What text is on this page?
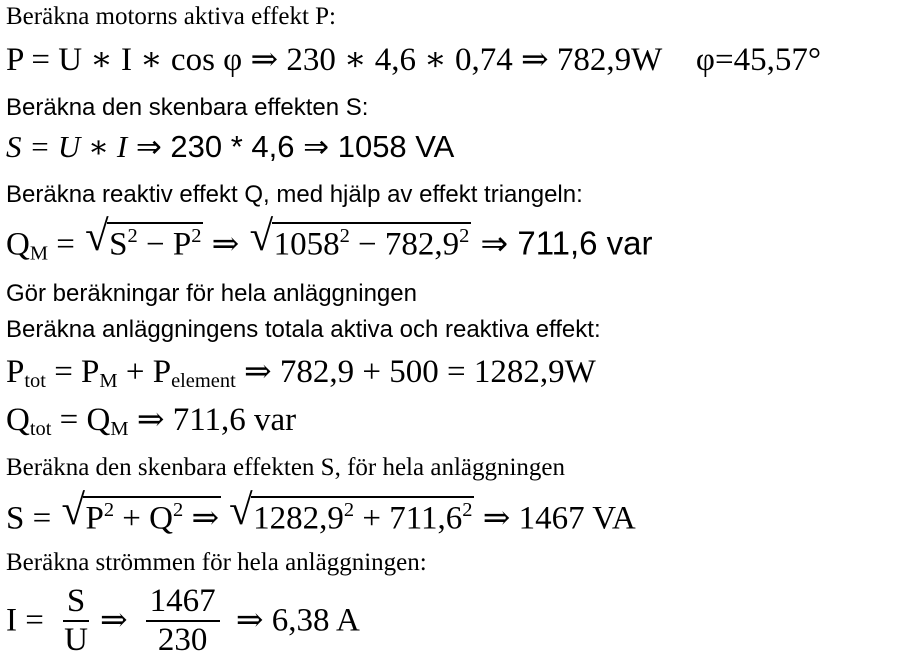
Beräkna motorns aktiva effekt P:
P = U ∗ I ∗ cos φ ⇒ 230 ∗ 4,6 ∗ 0,74 ⇒ 782,9W φ=45,57°
Beräkna den skenbara effekten S:
S = U ∗ I ⇒ 230 * 4,6 ⇒ 1058 VA
Beräkna reaktiv effekt Q, med hjälp av effekt triangeln:
$Q_M$ = √ $S^2 - P^2$ ⇒ √ $1058^2 - 782,9^2$ ⇒ 711,6 var
Gör beräkningar för hela anläggningen
Beräkna anläggningens totala aktiva och reaktiva effekt:
$P_{tot} = P_M + P_{element}$ ⇒ 782,9 + 500 = 1282,9W
$Q_{tot} = Q_M$ ⇒ 711,6 var
Beräkna den skenbara effekten S, för hela anläggningen
S = √ $P^2 + Q^2$ ⇒ √ $1282,9^2 + 711,6^2$ ⇒ 1467 VA
Beräkna strömmen för hela anläggningen:
$I = \frac{S}{U}$ ⇒ $\frac{1467}{230}$ ⇒ 6,38 A
